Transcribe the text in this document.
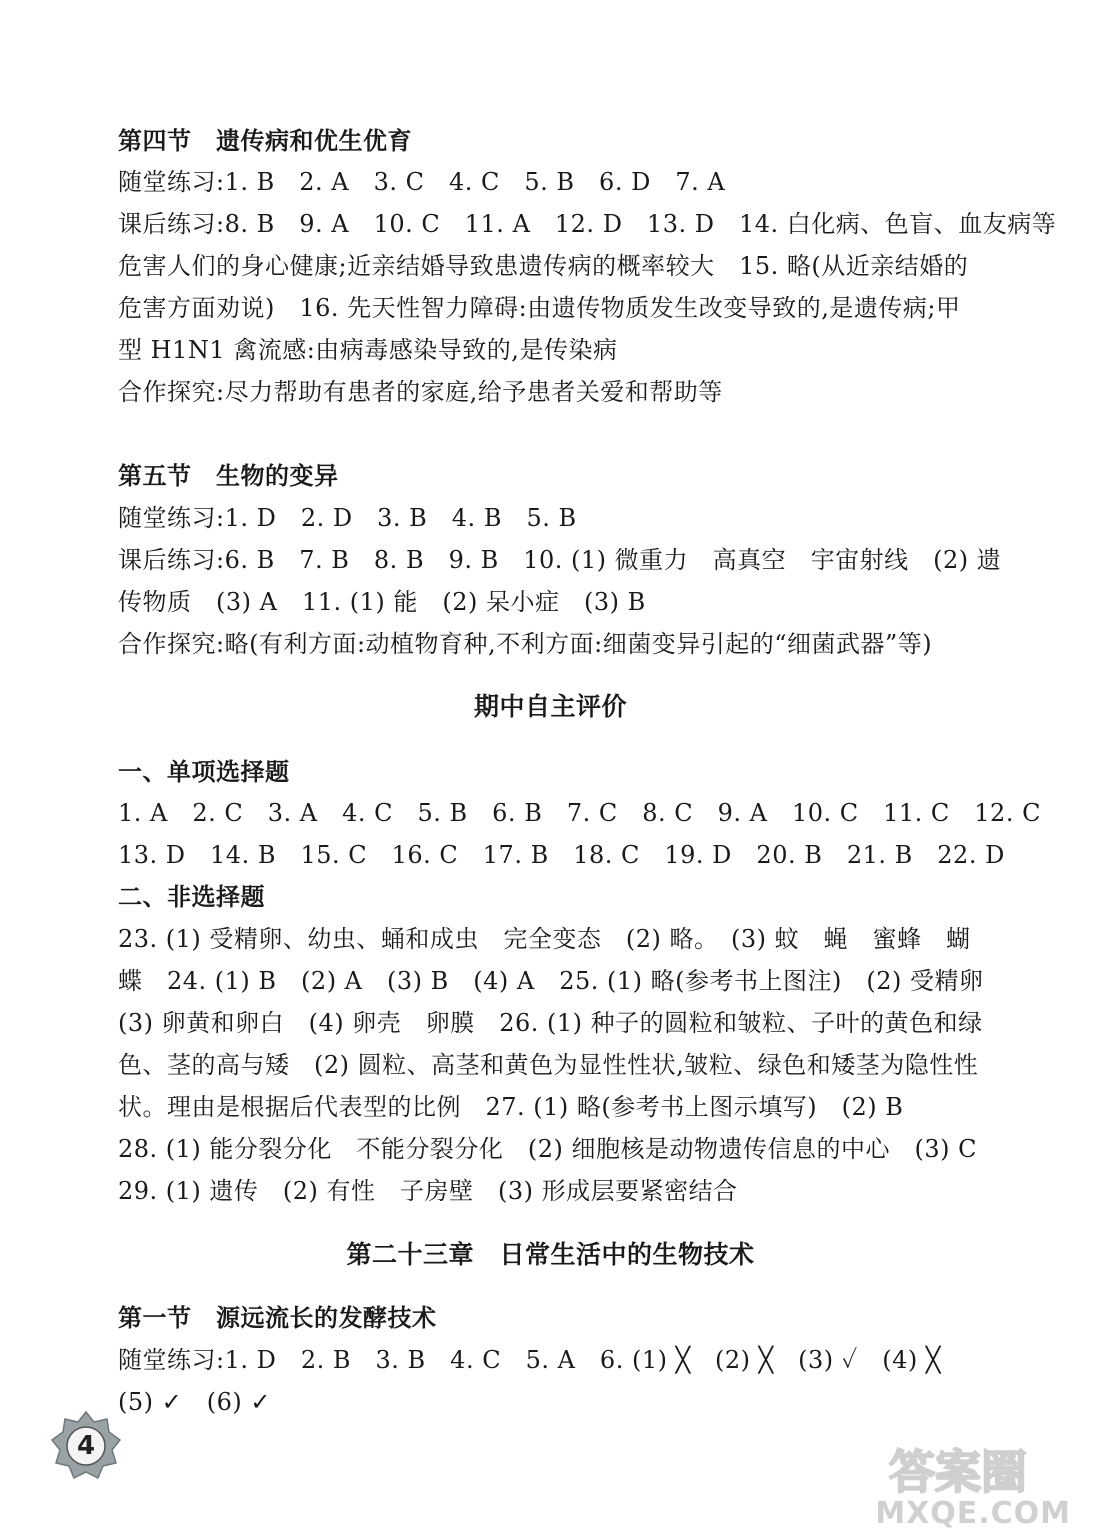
第四节　遗传病和优生优育
随堂练习:1. B　2. A　3. C　4. C　5. B　6. D　7. A
课后练习:8. B　9. A　10. C　11. A　12. D　13. D　14. 白化病、色盲、血友病等
危害人们的身心健康;近亲结婚导致患遗传病的概率较大　15. 略(从近亲结婚的
危害方面劝说)　16. 先天性智力障碍:由遗传物质发生改变导致的,是遗传病;甲
型 H1N1 禽流感:由病毒感染导致的,是传染病
合作探究:尽力帮助有患者的家庭,给予患者关爱和帮助等
第五节　生物的变异
随堂练习:1. D　2. D　3. B　4. B　5. B
课后练习:6. B　7. B　8. B　9. B　10. (1) 微重力　高真空　宇宙射线　(2) 遗
传物质　(3) A　11. (1) 能　(2) 呆小症　(3) B
合作探究:略(有利方面:动植物育种,不利方面:细菌变异引起的“细菌武器”等)
期中自主评价
一、单项选择题
1. A　2. C　3. A　4. C　5. B　6. B　7. C　8. C　9. A　10. C　11. C　12. C
13. D　14. B　15. C　16. C　17. B　18. C　19. D　20. B　21. B　22. D
二、非选择题
23. (1) 受精卵、幼虫、蛹和成虫　完全变态　(2) 略。　(3) 蚊　蝇　蜜蜂　蝴
蝶　24. (1) B　(2) A　(3) B　(4) A　25. (1) 略(参考书上图注)　(2) 受精卵
(3) 卵黄和卵白　(4) 卵壳　卵膜　26. (1) 种子的圆粒和皱粒、子叶的黄色和绿
色、茎的高与矮　(2) 圆粒、高茎和黄色为显性性状,皱粒、绿色和矮茎为隐性性
状。理由是根据后代表型的比例　27. (1) 略(参考书上图示填写)　(2) B
28. (1) 能分裂分化　不能分裂分化　(2) 细胞核是动物遗传信息的中心　(3) C
29. (1) 遗传　(2) 有性　子房壁　(3) 形成层要紧密结合
第二十三章　日常生活中的生物技术
第一节　源远流长的发酵技术
随堂练习:1. D　2. B　3. B　4. C　5. A　6. (1) ╳　(2) ╳　(3) ✓　(4) ╳
(5) ✓　(6) ✓
4	答案圈
MXQE.COM
